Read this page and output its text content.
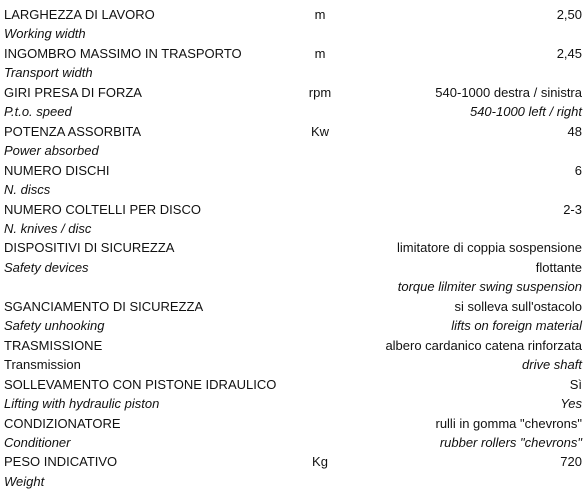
LARGHEZZA DI LAVORO	m	2,50
Working width		
INGOMBRO MASSIMO IN TRASPORTO	m	2,45
Transport width		
GIRI PRESA DI FORZA	rpm	540-1000 destra / sinistra
P.t.o. speed		540-1000 left / right
POTENZA ASSORBITA	Kw	48
Power absorbed		
NUMERO DISCHI		6
N. discs		
NUMERO COLTELLI PER DISCO		2-3
N. knives / disc		
DISPOSITIVI DI SICUREZZA		limitatore di coppia sospensione
Safety devices		flottante
		torque lilmiter swing suspension
SGANCIAMENTO DI SICUREZZA		si solleva sull'ostacolo
Safety unhooking		lifts on foreign material
TRASMISSIONE		albero cardanico catena rinforzata
Transmission		drive shaft
SOLLEVAMENTO CON PISTONE IDRAULICO		Sì
Lifting with hydraulic piston		Yes
CONDIZIONATORE		rulli in gomma "chevrons"
Conditioner		rubber rollers "chevrons"
PESO INDICATIVO	Kg	720
Weight		
